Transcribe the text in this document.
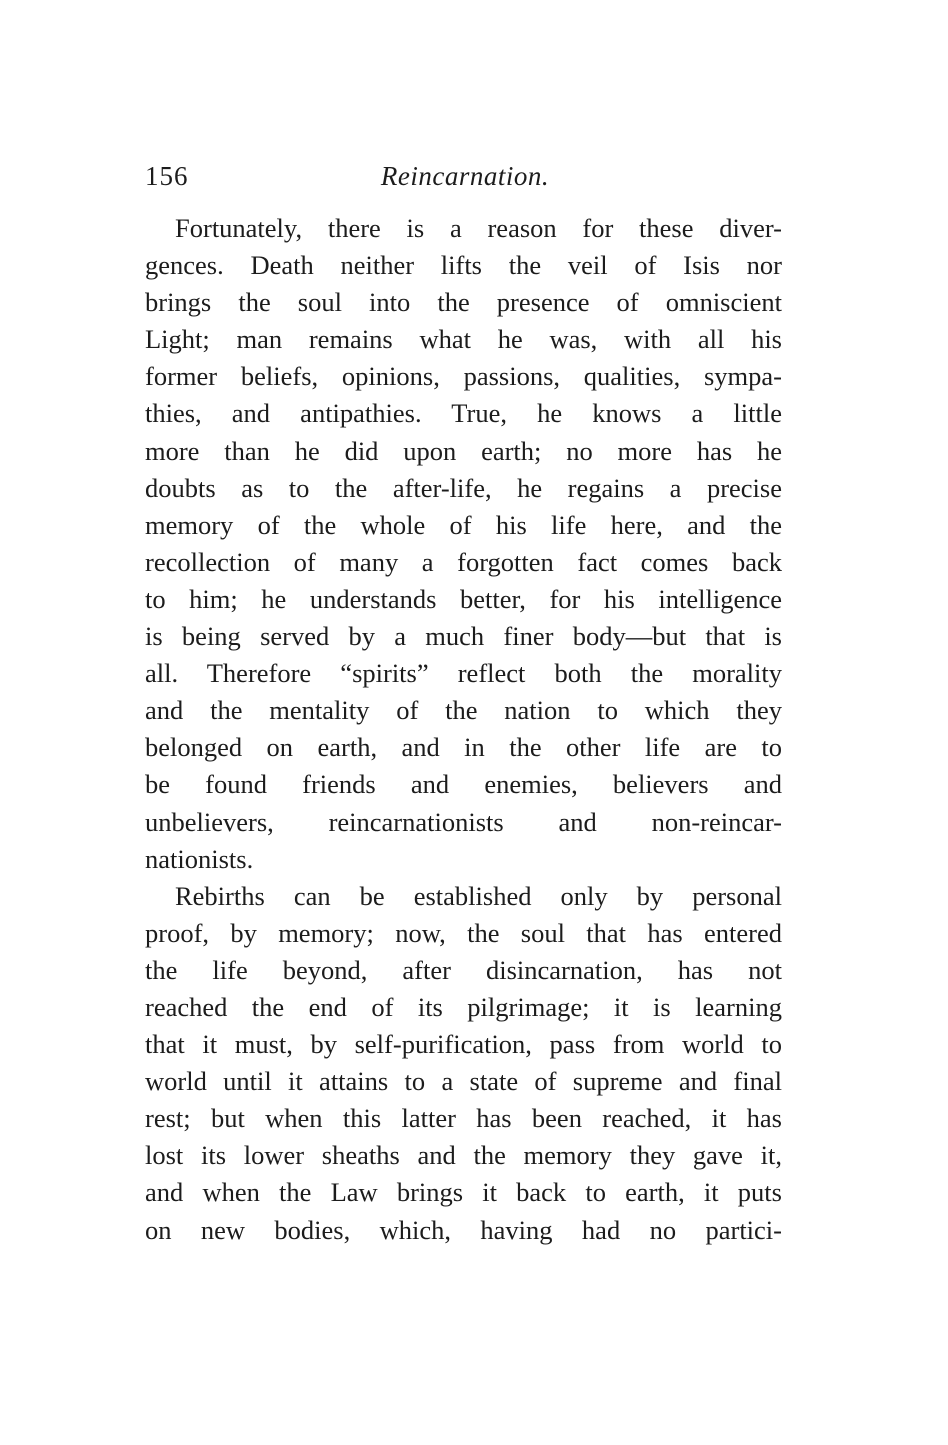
156	Reincarnation.
Fortunately, there is a reason for these diver-
gences. Death neither lifts the veil of Isis nor
brings the soul into the presence of omniscient
Light; man remains what he was, with all his
former beliefs, opinions, passions, qualities, sympa-
thies, and antipathies. True, he knows a little
more than he did upon earth; no more has he
doubts as to the after-life, he regains a precise
memory of the whole of his life here, and the
recollection of many a forgotten fact comes back
to him; he understands better, for his intelligence
is being served by a much finer body—but that is
all. Therefore “spirits” reflect both the morality
and the mentality of the nation to which they
belonged on earth, and in the other life are to
be found friends and enemies, believers and
unbelievers, reincarnationists and non-reincar-
nationists.
Rebirths can be established only by personal
proof, by memory; now, the soul that has entered
the life beyond, after disincarnation, has not
reached the end of its pilgrimage; it is learning
that it must, by self-purification, pass from world to
world until it attains to a state of supreme and final
rest; but when this latter has been reached, it has
lost its lower sheaths and the memory they gave it,
and when the Law brings it back to earth, it puts
on new bodies, which, having had no partici-
